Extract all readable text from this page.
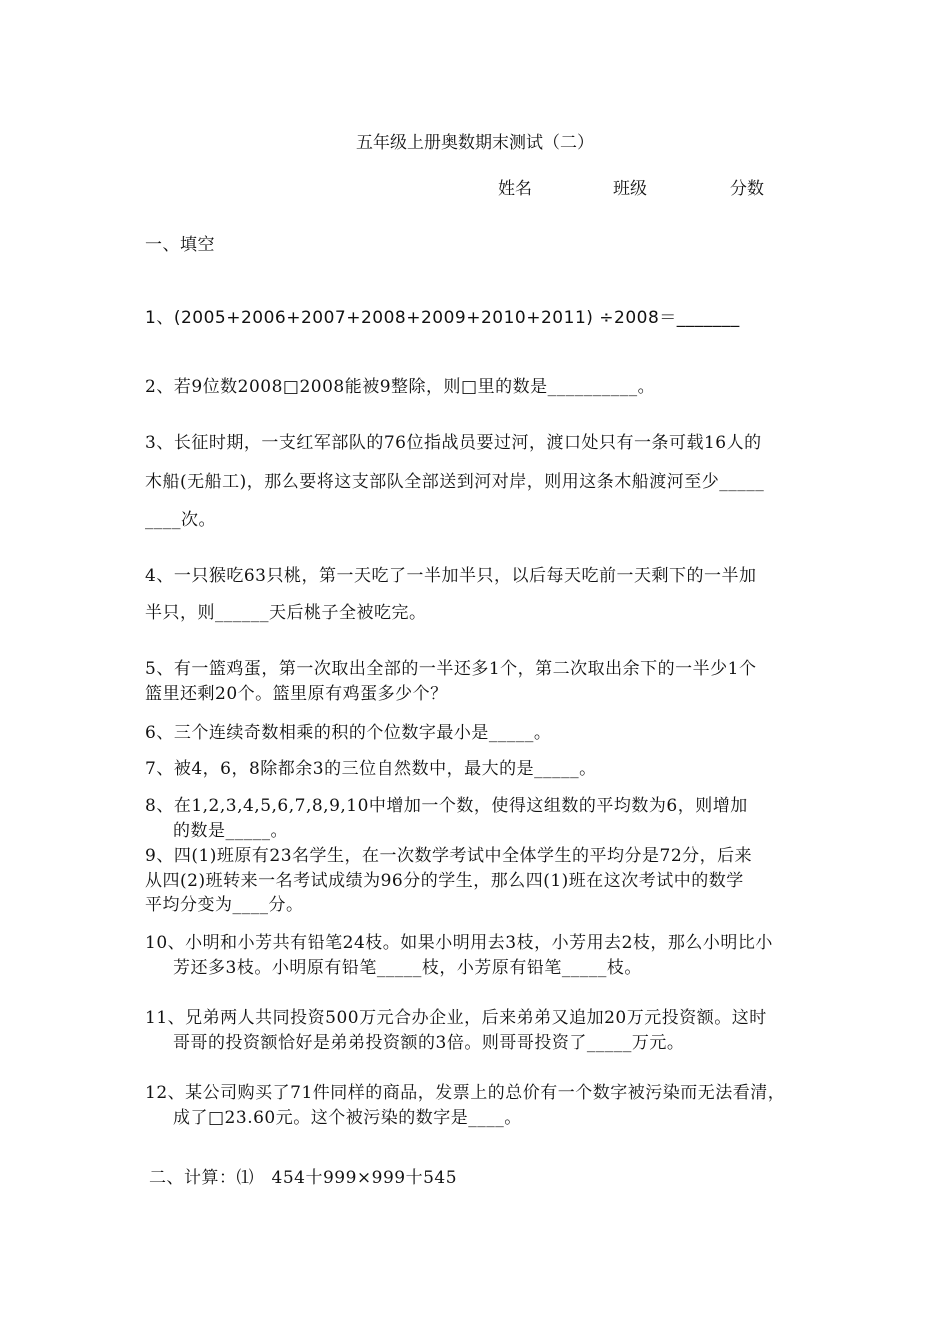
五年级上册奥数期末测试（二）
姓名	班级	分数
一、填空
1、(2005+2006+2007+2008+2009+2010+2011) ÷2008＝_______
2、若9位数2008□2008能被9整除，则□里的数是__________。
3、长征时期，一支红军部队的76位指战员要过河，渡口处只有一条可载16人的
木船(无船工)，那么要将这支部队全部送到河对岸，则用这条木船渡河至少_____
____次。
4、一只猴吃63只桃，第一天吃了一半加半只，以后每天吃前一天剩下的一半加
半只，则______天后桃子全被吃完。
5、有一篮鸡蛋，第一次取出全部的一半还多1个，第二次取出余下的一半少1个
篮里还剩20个。篮里原有鸡蛋多少个？
6、三个连续奇数相乘的积的个位数字最小是_____。
7、被4，6，8除都余3的三位自然数中，最大的是_____。
8、在1,2,3,4,5,6,7,8,9,10中增加一个数，使得这组数的平均数为6，则增加
的数是_____。
9、四(1)班原有23名学生，在一次数学考试中全体学生的平均分是72分，后来
从四(2)班转来一名考试成绩为96分的学生，那么四(1)班在这次考试中的数学
平均分变为____分。
10、小明和小芳共有铅笔24枝。如果小明用去3枝，小芳用去2枝，那么小明比小
芳还多3枝。小明原有铅笔_____枝，小芳原有铅笔_____枝。
11、兄弟两人共同投资500万元合办企业，后来弟弟又追加20万元投资额。这时
哥哥的投资额恰好是弟弟投资额的3倍。则哥哥投资了_____万元。
12、某公司购买了71件同样的商品，发票上的总价有一个数字被污染而无法看清，
成了□23.60元。这个被污染的数字是____。
二、计算：⑴　454十999×999十545
